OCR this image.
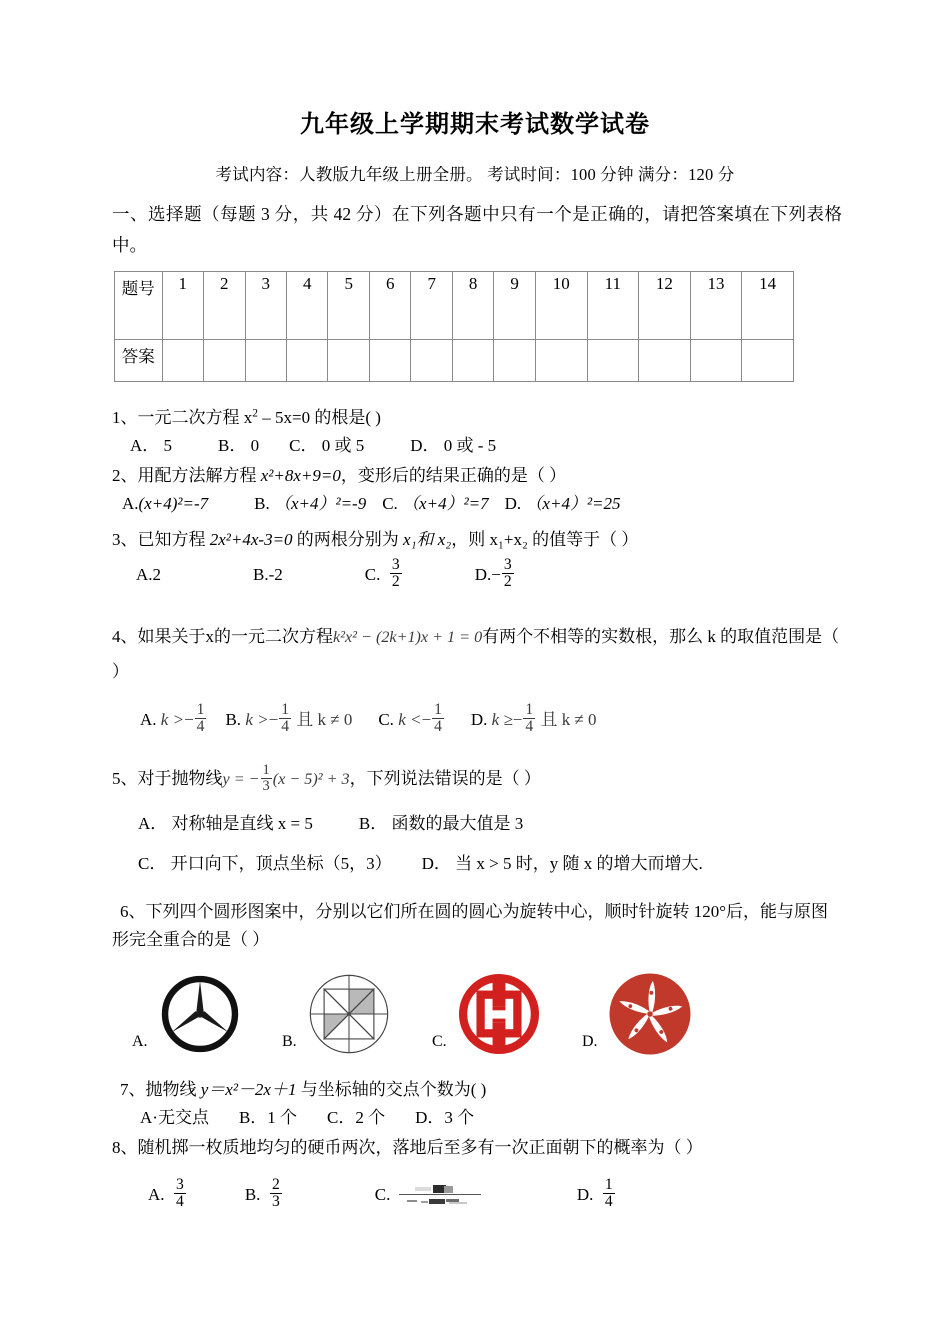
九年级上学期期末考试数学试卷

考试内容：人教版九年级上册全册。 考试时间：100 分钟 满分：120 分

一、选择题（每题 3 分，共 42 分）在下列各题中只有一个是正确的，请把答案填在下列表格中。

题号	1	2	3	4	5	6	7	8	9	10	11	12	13	14
答案														
1、一元二次方程 $x^2 - 5x=0$ 的根是( )
A． 5	B． 0 C． 0 或 5	D． 0 或 - 5
2、用配方法解方程 x²+8x+9=0，变形后的结果正确的是（ ）
A.(x+4)²=-7	B. （x+4）²=-9 C. （x+4）²=7 D. （x+4）²=25
3、已知方程 2x²+4x-3=0 的两根分别为 x₁和 x₂，则 x₁+x₂ 的值等于（ ）
A. 2	B. -2	C.
$\frac{3}{2}$	D. − $\frac{3}{2}$
4、如果关于x的一元二次方程k²x² − (2k+1)x + 1 = 0有两个不相等的实数根，那么 k 的取值范围是（ ）
A.
k > − $\frac{1}{4} B$.
k > − $\frac{1}{4}$
且 k ≠ 0 C.
k < − $\frac{1}{4} D$.
k ≥ − $\frac{1}{4}$
且 k ≠ 0
5、对于抛物线y = − $\frac{1}{3} (x - 5)^2 + 3$，下列说法错误的是（ ）
A． 对称轴是直线 x = 5	B． 函数的最大值是 3
C． 开口向下，顶点坐标（5，3） D． 当 x > 5 时，y 随 x 的增大而增大.
6、下列四个圆形图案中，分别以它们所在圆的圆心为旋转中心，顺时针旋转 120°后，能与原图形完全重合的是（ ）
A.	B.	C.	D.
7、抛物线 y＝x²－2x＋1 与坐标轴的交点个数为( )
A·无交点 B．1 个 C．2 个 D．3 个
8、随机掷一枚质地均匀的硬币两次，落地后至多有一次正面朝下的概率为（ ）
A.
$\frac{3}{4}$	B.
$\frac{2}{3}$	C.
	D.
$\frac{1}{4}$
